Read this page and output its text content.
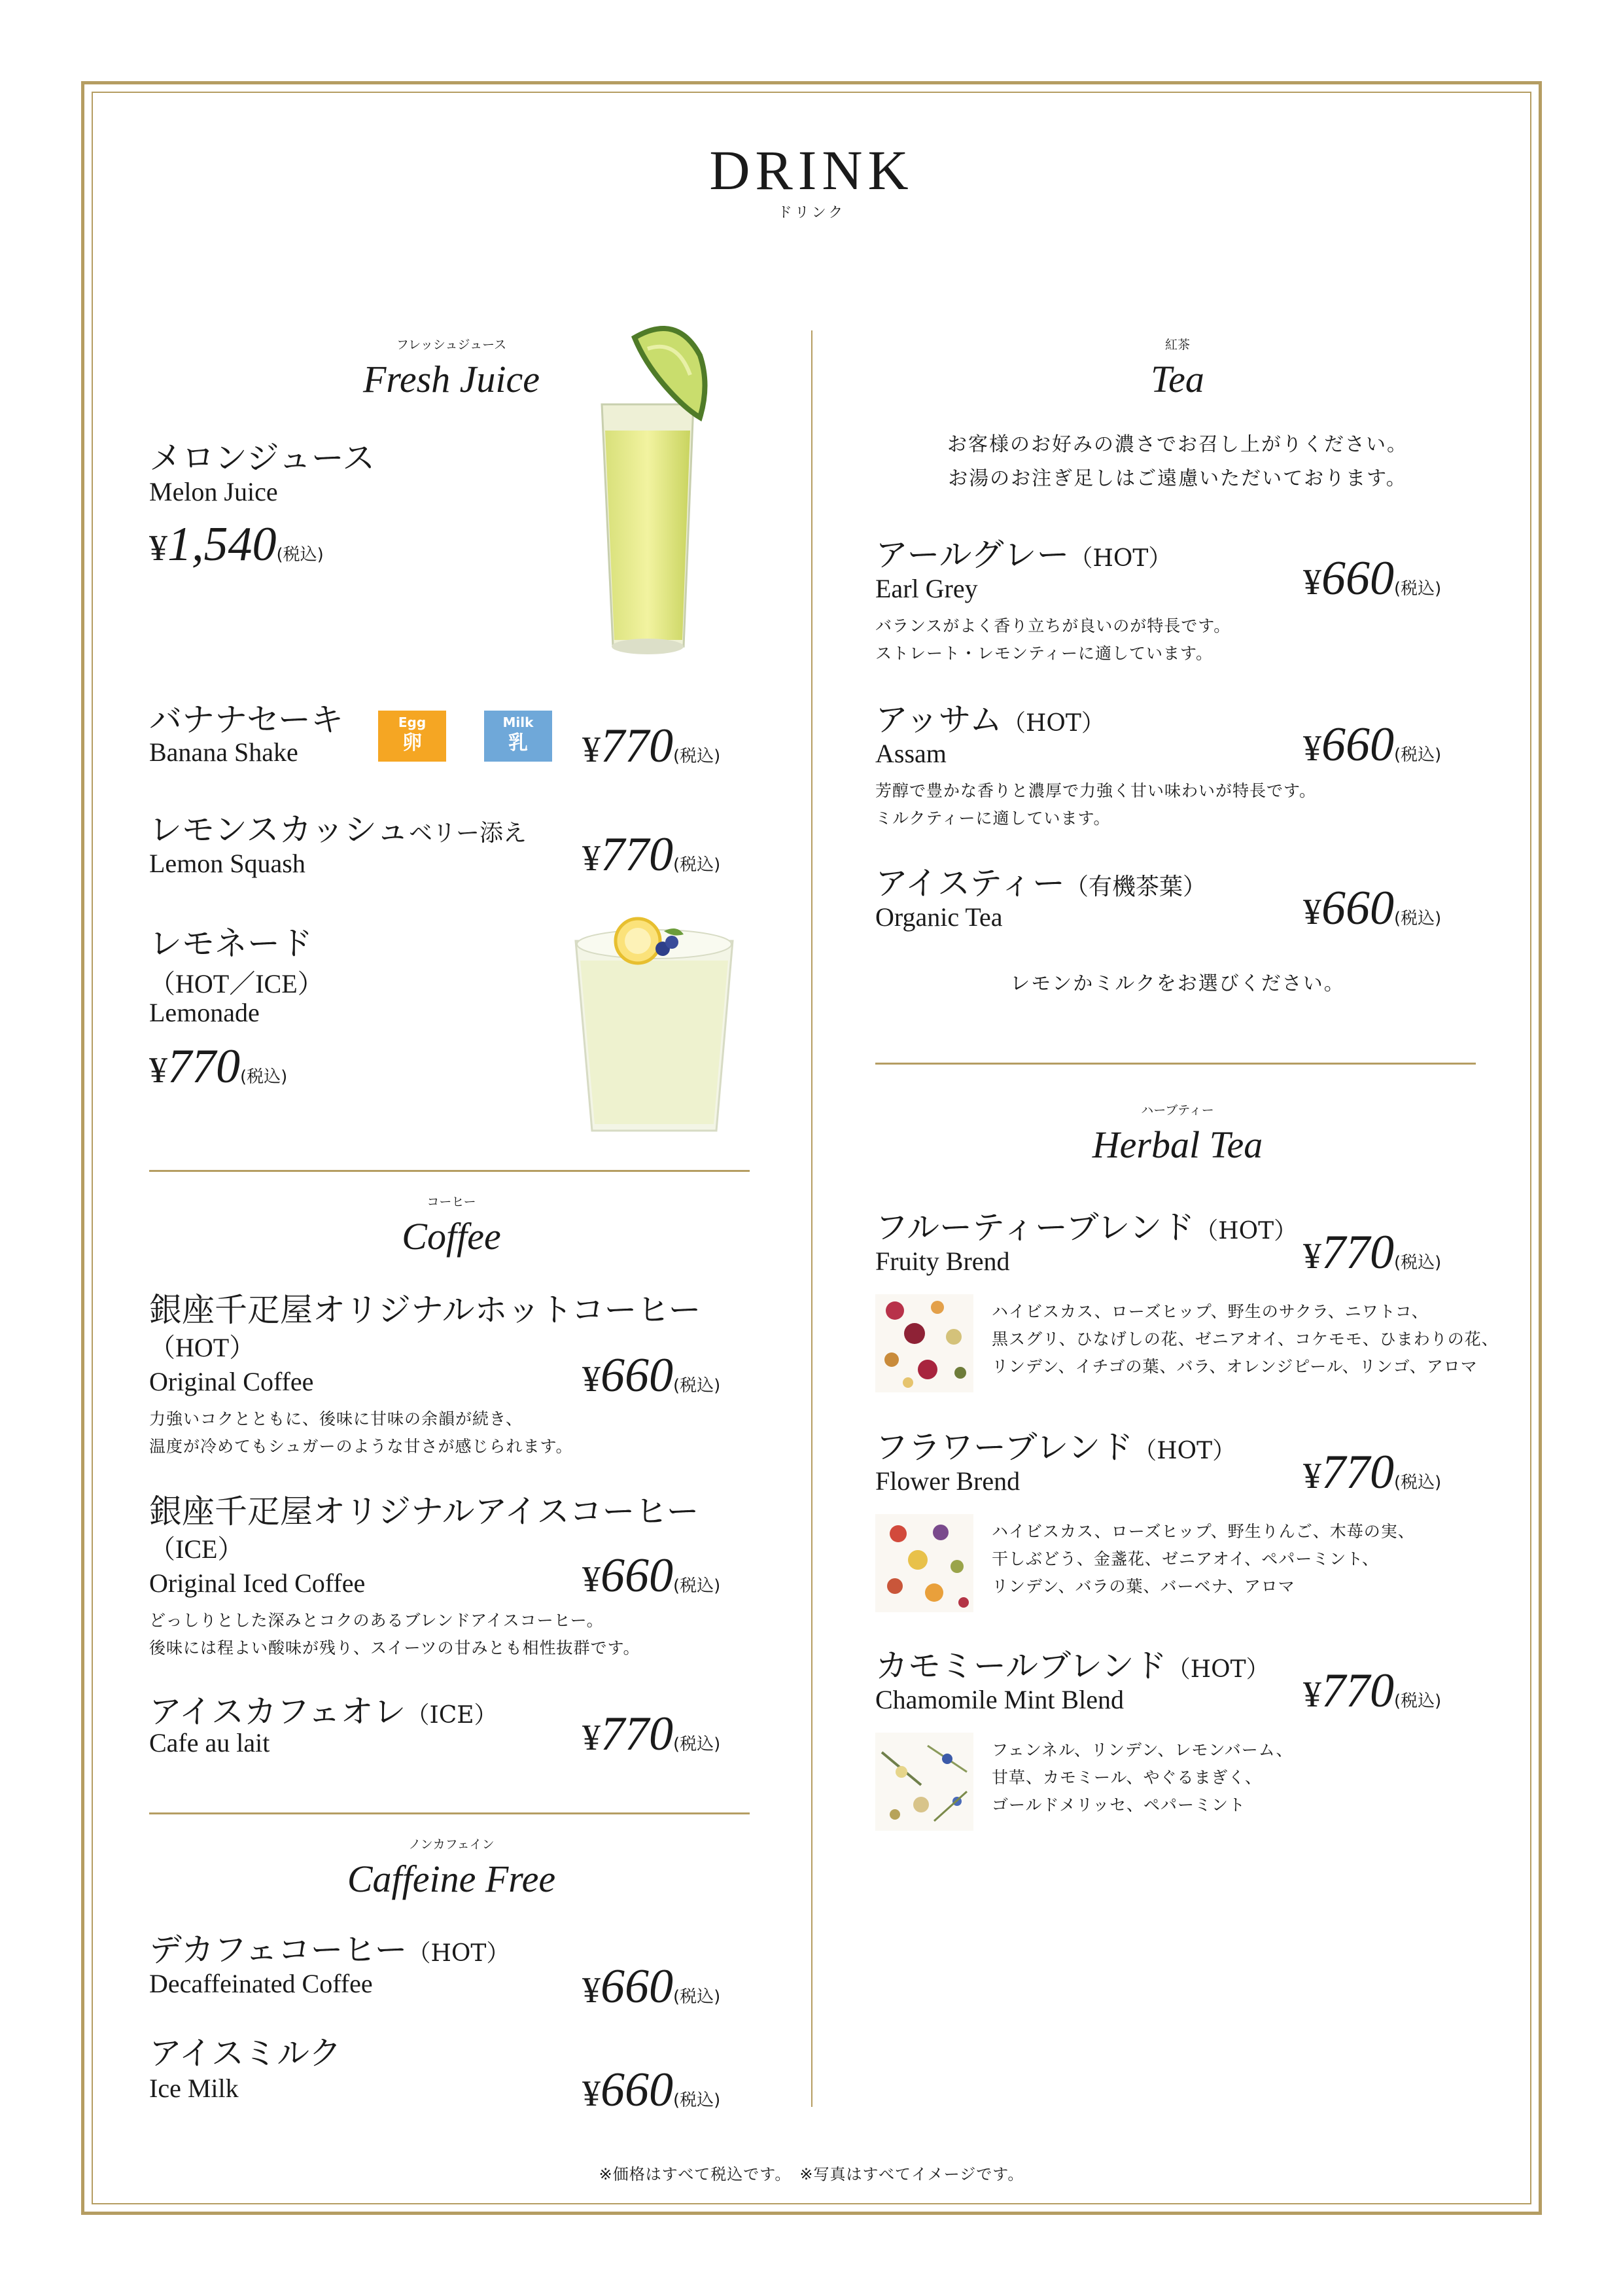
DRINK
ドリンク
フレッシュジュース
Fresh Juice
メロンジュース
Melon Juice
¥1,540(税込)
バナナセーキ
Banana Shake
Egg
卵
Milk
乳	¥770(税込)
レモンスカッシュベリー添え
Lemon Squash	¥770(税込)
レモネード
（HOT／ICE）
Lemonade
¥770(税込)
コーヒー
Coffee
銀座千疋屋オリジナルホットコーヒー
（HOT）
Original Coffee	¥660(税込)
力強いコクとともに、後味に甘味の余韻が続き、
温度が冷めてもシュガーのような甘さが感じられます。
銀座千疋屋オリジナルアイスコーヒー
（ICE）
Original Iced Coffee	¥660(税込)
どっしりとした深みとコクのあるブレンドアイスコーヒー。
後味には程よい酸味が残り、スイーツの甘みとも相性抜群です。
アイスカフェオレ（ICE）
Cafe au lait	¥770(税込)
ノンカフェイン
Caffeine Free
デカフェコーヒー（HOT）
Decaffeinated Coffee	¥660(税込)
アイスミルク
Ice Milk	¥660(税込)
紅茶
Tea
お客様のお好みの濃さでお召し上がりください。
お湯のお注ぎ足しはご遠慮いただいております。
アールグレー（HOT）
Earl Grey	¥660(税込)
バランスがよく香り立ちが良いのが特長です。
ストレート・レモンティーに適しています。
アッサム（HOT）
Assam	¥660(税込)
芳醇で豊かな香りと濃厚で力強く甘い味わいが特長です。
ミルクティーに適しています。
アイスティー（有機茶葉）
Organic Tea	¥660(税込)
レモンかミルクをお選びください。
ハーブティー
Herbal Tea
フルーティーブレンド（HOT）
Fruity Brend	¥770(税込)
ハイビスカス、ローズヒップ、野生のサクラ、ニワトコ、
黒スグリ、ひなげしの花、ゼニアオイ、コケモモ、ひまわりの花、
リンデン、イチゴの葉、バラ、オレンジピール、リンゴ、アロマ
フラワーブレンド（HOT）
Flower Brend	¥770(税込)
ハイビスカス、ローズヒップ、野生りんご、木苺の実、
干しぶどう、金盞花、ゼニアオイ、ペパーミント、
リンデン、バラの葉、バーベナ、アロマ
カモミールブレンド（HOT）
Chamomile Mint Blend	¥770(税込)
フェンネル、リンデン、レモンバーム、
甘草、カモミール、やぐるまぎく、
ゴールドメリッセ、ペパーミント
※価格はすべて税込です。　※写真はすべてイメージです。
